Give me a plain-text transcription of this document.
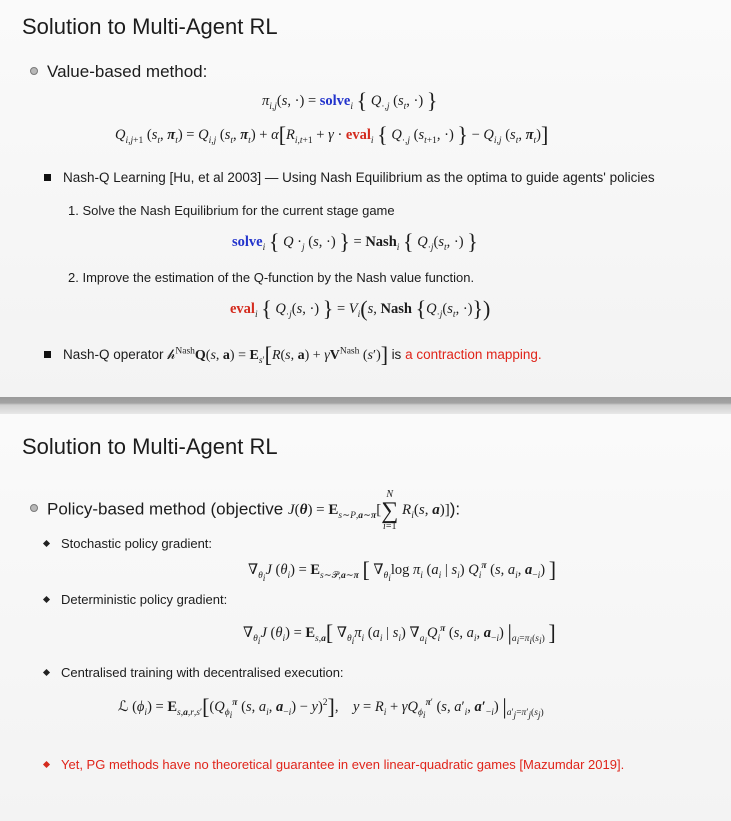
Solution to Multi-Agent RL
Value-based method:
$\pi_{i,j}(s$, ·) = solve$_i$ { $Q_{\cdot,j}$ ($s_t$, ·) }
$Q_{i,j+1}$ ($s_t$, $\pi_t) = Q_{i,j}$ ($s_t$, $\pi_t) + \alpha[R_{i,t+1} + \gamma$ · eval$_i$ { $Q_{\cdot,j}$ ($s_{t+1}$, ·) } − $Q_{i,j}$ ($s_t$, $\pi_t$)]
Nash-Q Learning [Hu, et al 2003] — Using Nash Equilibrium as the optima to guide agents' policies
1. Solve the Nash Equilibrium for the current stage game
solve$_i$ { $Q \cdot_j$ (s, ·) } = Nash$_i$ { $Q_{\cdot j}(s_t$, ·) }
2. Improve the estimation of the Q-function by the Nash value function.
eval$_i$ { $Q_{\cdot j}(s$, ·) } = $V_i(s$, Nash {$Q_{\cdot j}(s_t$, ·)})
Nash-Q operator 𝒽$^{Nash}$Q(s, $a) = E_{s'}[R(s$, $a) + \gamma V^{Nash}$ (s′)] is a contraction mapping.
Solution to Multi-Agent RL
Policy-based method (objective $J(\theta) = E_{s\sim P,a\sim\pi}[N$
∑
i=1 $R_i(s$, a)]):
Stochastic policy gradient:
$\nabla_{\theta_i}J$ $(\theta_i) = E_{s\sim 𝒫,a\sim\pi}$ [ $\nabla_{\theta_i}\log$ $\pi_i$ ($a_i$ | $s_i$) $Q_i^\pi$ (s, $a_i$, $a_{-i}$) ]
Deterministic policy gradient:
$\nabla_{\theta_i}J$ $(\theta_i) = E_{s,a}$[ $\nabla_{\theta_i}\pi_i$ ($a_i$ | $s_i$) $\nabla_{a_i}Q_i^\pi$ (s, $a_i$, $a_{-i}$) $|_{a_i=\pi_i(s_i)}$ ]
Centralised training with decentralised execution:
ℒ $(\phi_i) = E_{s,a,r,s'}[(Q_{\phi_i}^\pi$ (s, $a_i$, $a_{-i}) - y)^2$],    $y = R_i + \gamma Q_{\phi_i}^{\pi'}$ (s, $a'_i$, $a'_{-i}$) $|_{a'_j=\pi'_j(s_j)}$
Yet, PG methods have no theoretical guarantee in even linear-quadratic games [Mazumdar 2019].
